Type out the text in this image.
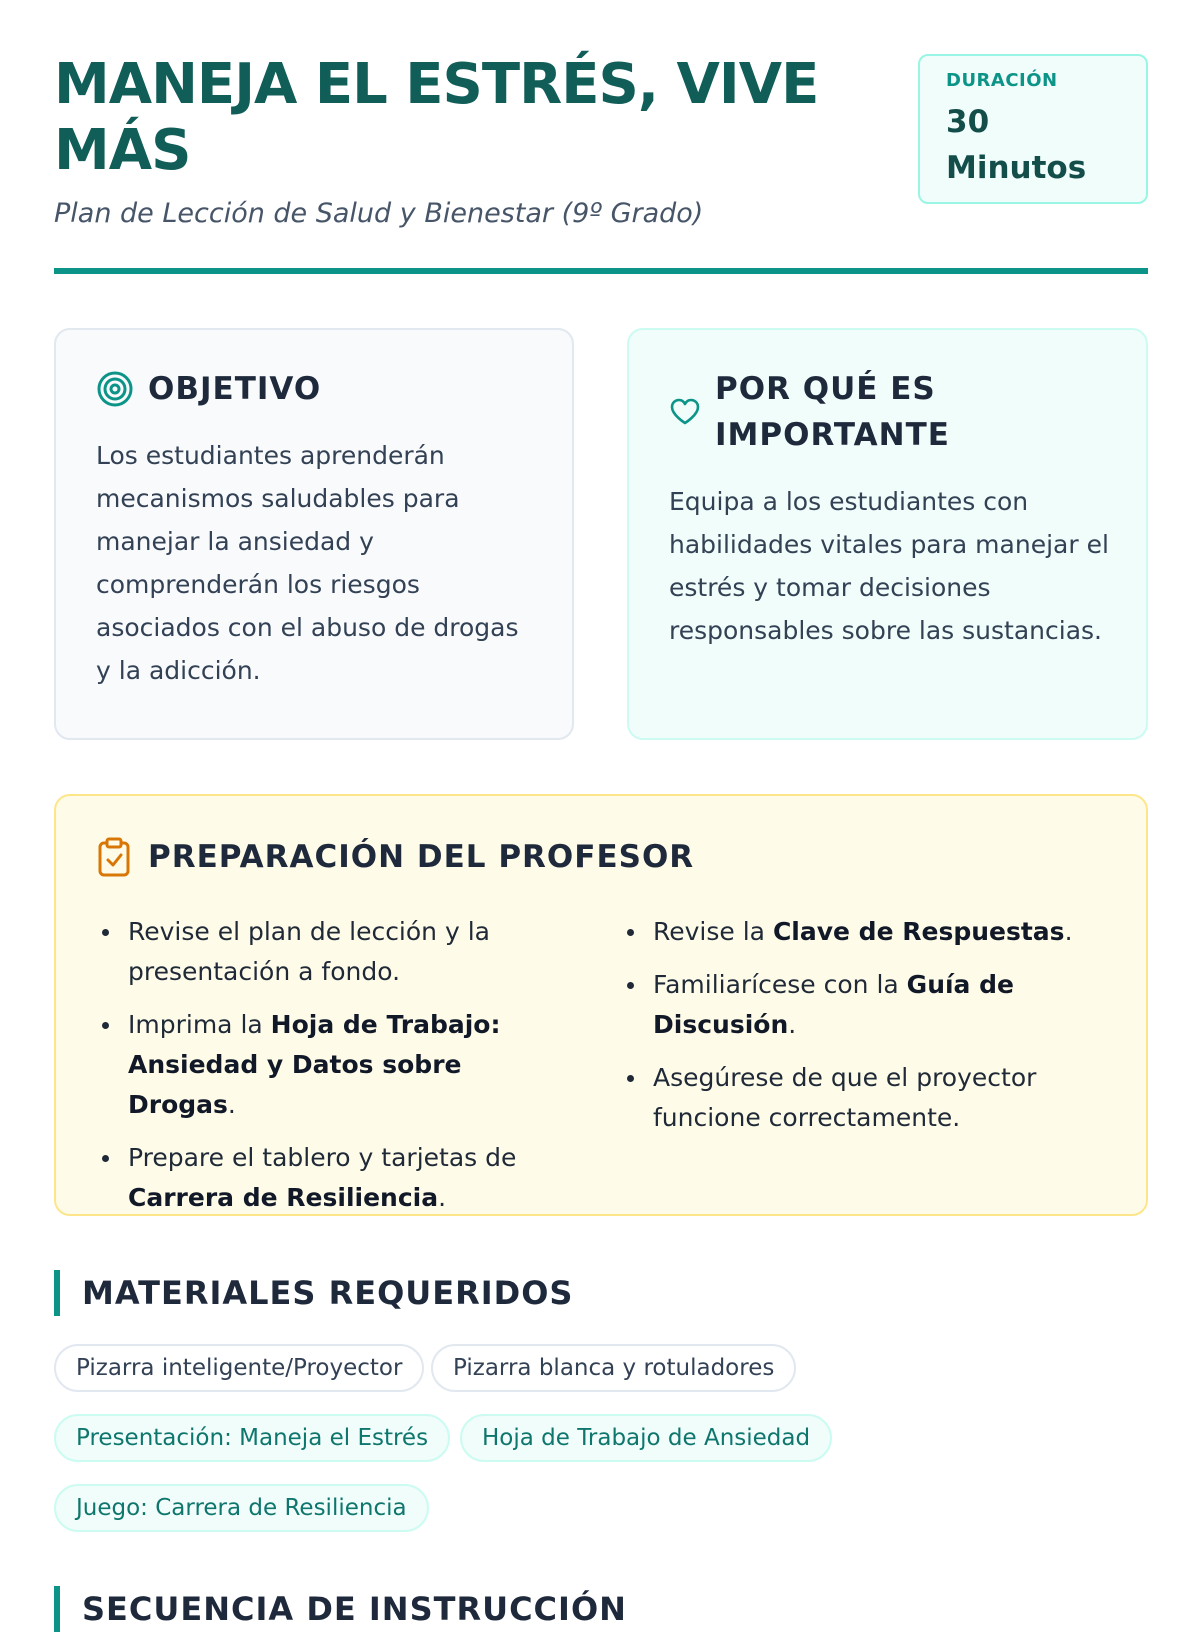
MANEJA EL ESTRÉS, VIVE MÁS
Plan de Lección de Salud y Bienestar (9º Grado)
DURACIÓN
30 Minutos
OBJETIVO

Los estudiantes aprenderán mecanismos saludables para manejar la ansiedad y comprenderán los riesgos asociados con el abuso de drogas y la adicción.

POR QUÉ ES IMPORTANTE

Equipa a los estudiantes con habilidades vitales para manejar el estrés y tomar decisiones responsables sobre las sustancias.

PREPARACIÓN DEL PROFESOR
Revise el plan de lección y la presentación a fondo.
Imprima la Hoja de Trabajo: Ansiedad y Datos sobre Drogas.
Prepare el tablero y tarjetas de Carrera de Resiliencia.
Revise la Clave de Respuestas.
Familiarícese con la Guía de Discusión.
Asegúrese de que el proyector funcione correctamente.
MATERIALES REQUERIDOS
Pizarra inteligente/Proyector	Pizarra blanca y rotuladores
Presentación: Maneja el Estrés	Hoja de Trabajo de Ansiedad
Juego: Carrera de Resiliencia
SECUENCIA DE INSTRUCCIÓN
